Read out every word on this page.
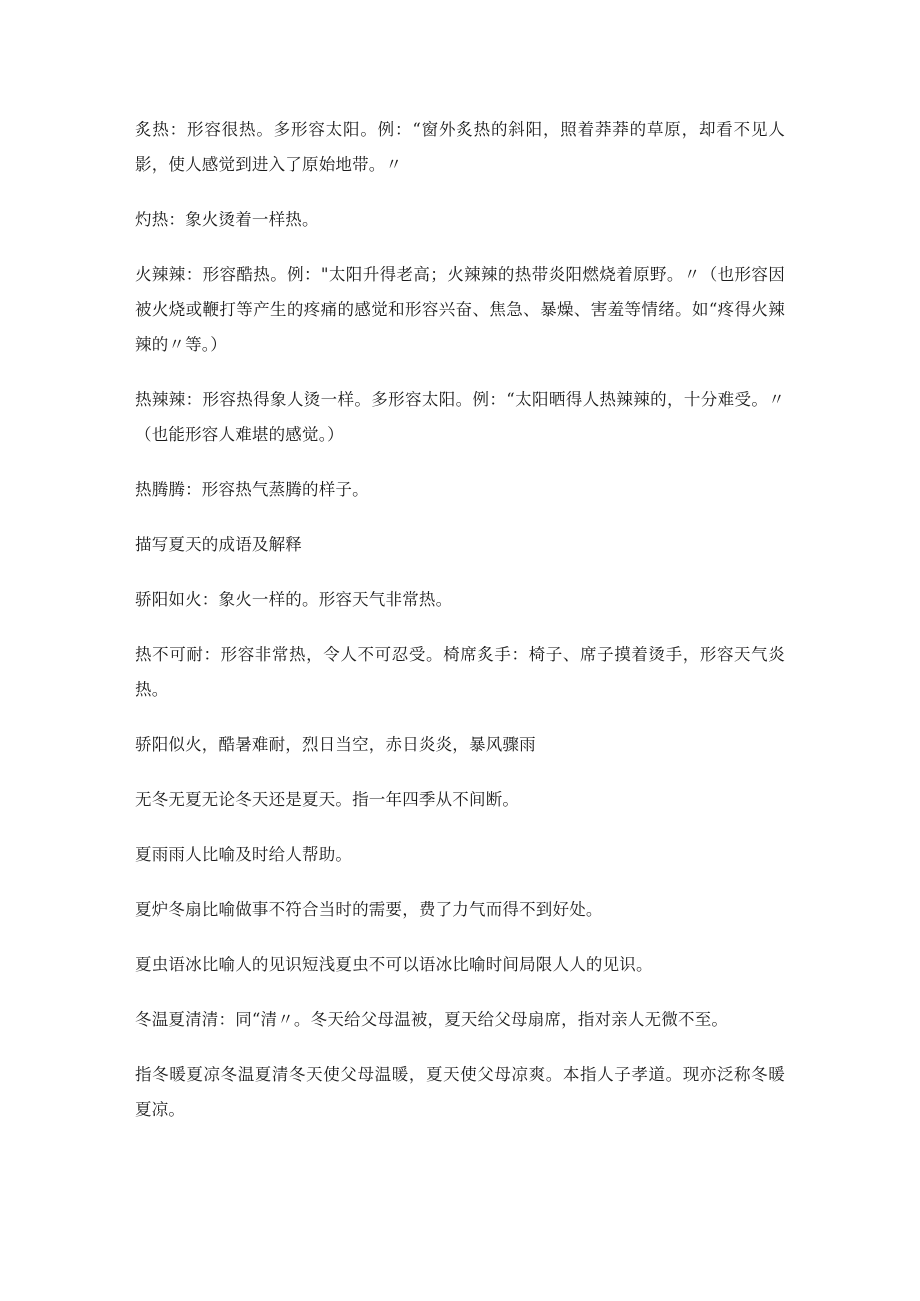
炙热：形容很热。多形容太阳。例：“窗外炙热的斜阳，照着莽莽的草原，却看不见人影，使人感觉到进入了原始地带。〃

灼热：象火烫着一样热。

火辣辣：形容酷热。例："太阳升得老高；火辣辣的热带炎阳燃烧着原野。〃（也形容因被火烧或鞭打等产生的疼痛的感觉和形容兴奋、焦急、暴燥、害羞等情绪。如“疼得火辣辣的〃等。）

热辣辣：形容热得象人烫一样。多形容太阳。例：“太阳晒得人热辣辣的，十分难受。〃（也能形容人难堪的感觉。）

热腾腾：形容热气蒸腾的样子。

描写夏天的成语及解释

骄阳如火：象火一样的。形容天气非常热。

热不可耐：形容非常热，令人不可忍受。椅席炙手：椅子、席子摸着烫手，形容天气炎热。

骄阳似火，酷暑难耐，烈日当空，赤日炎炎，暴风骤雨

无冬无夏无论冬天还是夏天。指一年四季从不间断。

夏雨雨人比喻及时给人帮助。

夏炉冬扇比喻做事不符合当时的需要，费了力气而得不到好处。

夏虫语冰比喻人的见识短浅夏虫不可以语冰比喻时间局限人人的见识。

冬温夏清清：同“清〃。冬天给父母温被，夏天给父母扇席，指对亲人无微不至。

指冬暖夏凉冬温夏清冬天使父母温暖，夏天使父母凉爽。本指人子孝道。现亦泛称冬暖夏凉。
